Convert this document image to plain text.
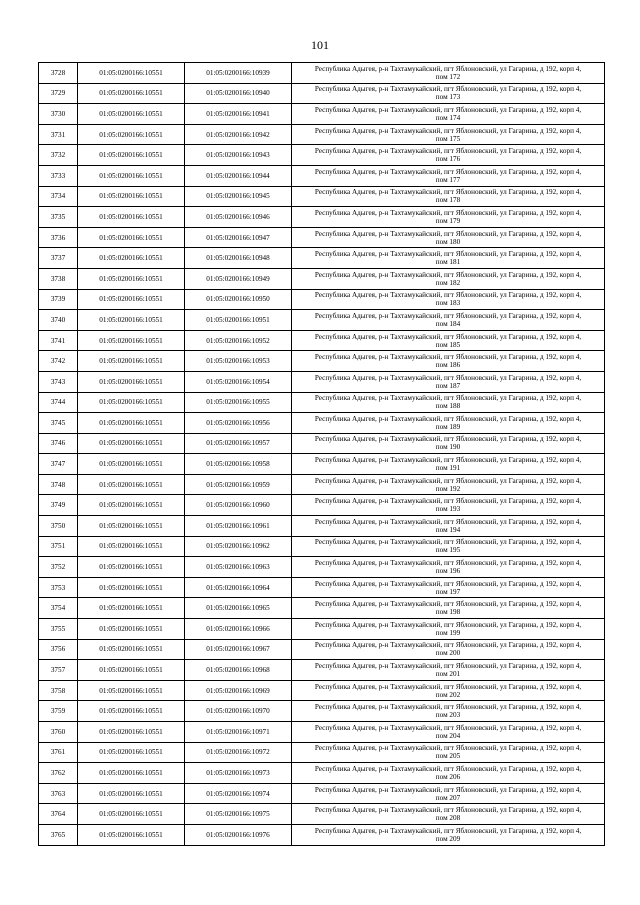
101
3728	01:05:0200166:10551	01:05:0200166:10939	Республика Адыгея, р-н Тахтамукайский, пгт Яблоновский, ул Гагарина, д 192, корп 4,
пом 172

3729	01:05:0200166:10551	01:05:0200166:10940	Республика Адыгея, р-н Тахтамукайский, пгт Яблоновский, ул Гагарина, д 192, корп 4,
пом 173

3730	01:05:0200166:10551	01:05:0200166:10941	Республика Адыгея, р-н Тахтамукайский, пгт Яблоновский, ул Гагарина, д 192, корп 4,
пом 174

3731	01:05:0200166:10551	01:05:0200166:10942	Республика Адыгея, р-н Тахтамукайский, пгт Яблоновский, ул Гагарина, д 192, корп 4,
пом 175

3732	01:05:0200166:10551	01:05:0200166:10943	Республика Адыгея, р-н Тахтамукайский, пгт Яблоновский, ул Гагарина, д 192, корп 4,
пом 176

3733	01:05:0200166:10551	01:05:0200166:10944	Республика Адыгея, р-н Тахтамукайский, пгт Яблоновский, ул Гагарина, д 192, корп 4,
пом 177

3734	01:05:0200166:10551	01:05:0200166:10945	Республика Адыгея, р-н Тахтамукайский, пгт Яблоновский, ул Гагарина, д 192, корп 4,
пом 178

3735	01:05:0200166:10551	01:05:0200166:10946	Республика Адыгея, р-н Тахтамукайский, пгт Яблоновский, ул Гагарина, д 192, корп 4,
пом 179

3736	01:05:0200166:10551	01:05:0200166:10947	Республика Адыгея, р-н Тахтамукайский, пгт Яблоновский, ул Гагарина, д 192, корп 4,
пом 180

3737	01:05:0200166:10551	01:05:0200166:10948	Республика Адыгея, р-н Тахтамукайский, пгт Яблоновский, ул Гагарина, д 192, корп 4,
пом 181

3738	01:05:0200166:10551	01:05:0200166:10949	Республика Адыгея, р-н Тахтамукайский, пгт Яблоновский, ул Гагарина, д 192, корп 4,
пом 182

3739	01:05:0200166:10551	01:05:0200166:10950	Республика Адыгея, р-н Тахтамукайский, пгт Яблоновский, ул Гагарина, д 192, корп 4,
пом 183

3740	01:05:0200166:10551	01:05:0200166:10951	Республика Адыгея, р-н Тахтамукайский, пгт Яблоновский, ул Гагарина, д 192, корп 4,
пом 184

3741	01:05:0200166:10551	01:05:0200166:10952	Республика Адыгея, р-н Тахтамукайский, пгт Яблоновский, ул Гагарина, д 192, корп 4,
пом 185

3742	01:05:0200166:10551	01:05:0200166:10953	Республика Адыгея, р-н Тахтамукайский, пгт Яблоновский, ул Гагарина, д 192, корп 4,
пом 186

3743	01:05:0200166:10551	01:05:0200166:10954	Республика Адыгея, р-н Тахтамукайский, пгт Яблоновский, ул Гагарина, д 192, корп 4,
пом 187

3744	01:05:0200166:10551	01:05:0200166:10955	Республика Адыгея, р-н Тахтамукайский, пгт Яблоновский, ул Гагарина, д 192, корп 4,
пом 188

3745	01:05:0200166:10551	01:05:0200166:10956	Республика Адыгея, р-н Тахтамукайский, пгт Яблоновский, ул Гагарина, д 192, корп 4,
пом 189

3746	01:05:0200166:10551	01:05:0200166:10957	Республика Адыгея, р-н Тахтамукайский, пгт Яблоновский, ул Гагарина, д 192, корп 4,
пом 190

3747	01:05:0200166:10551	01:05:0200166:10958	Республика Адыгея, р-н Тахтамукайский, пгт Яблоновский, ул Гагарина, д 192, корп 4,
пом 191

3748	01:05:0200166:10551	01:05:0200166:10959	Республика Адыгея, р-н Тахтамукайский, пгт Яблоновский, ул Гагарина, д 192, корп 4,
пом 192

3749	01:05:0200166:10551	01:05:0200166:10960	Республика Адыгея, р-н Тахтамукайский, пгт Яблоновский, ул Гагарина, д 192, корп 4,
пом 193

3750	01:05:0200166:10551	01:05:0200166:10961	Республика Адыгея, р-н Тахтамукайский, пгт Яблоновский, ул Гагарина, д 192, корп 4,
пом 194

3751	01:05:0200166:10551	01:05:0200166:10962	Республика Адыгея, р-н Тахтамукайский, пгт Яблоновский, ул Гагарина, д 192, корп 4,
пом 195

3752	01:05:0200166:10551	01:05:0200166:10963	Республика Адыгея, р-н Тахтамукайский, пгт Яблоновский, ул Гагарина, д 192, корп 4,
пом 196

3753	01:05:0200166:10551	01:05:0200166:10964	Республика Адыгея, р-н Тахтамукайский, пгт Яблоновский, ул Гагарина, д 192, корп 4,
пом 197

3754	01:05:0200166:10551	01:05:0200166:10965	Республика Адыгея, р-н Тахтамукайский, пгт Яблоновский, ул Гагарина, д 192, корп 4,
пом 198

3755	01:05:0200166:10551	01:05:0200166:10966	Республика Адыгея, р-н Тахтамукайский, пгт Яблоновский, ул Гагарина, д 192, корп 4,
пом 199

3756	01:05:0200166:10551	01:05:0200166:10967	Республика Адыгея, р-н Тахтамукайский, пгт Яблоновский, ул Гагарина, д 192, корп 4,
пом 200

3757	01:05:0200166:10551	01:05:0200166:10968	Республика Адыгея, р-н Тахтамукайский, пгт Яблоновский, ул Гагарина, д 192, корп 4,
пом 201

3758	01:05:0200166:10551	01:05:0200166:10969	Республика Адыгея, р-н Тахтамукайский, пгт Яблоновский, ул Гагарина, д 192, корп 4,
пом 202

3759	01:05:0200166:10551	01:05:0200166:10970	Республика Адыгея, р-н Тахтамукайский, пгт Яблоновский, ул Гагарина, д 192, корп 4,
пом 203

3760	01:05:0200166:10551	01:05:0200166:10971	Республика Адыгея, р-н Тахтамукайский, пгт Яблоновский, ул Гагарина, д 192, корп 4,
пом 204

3761	01:05:0200166:10551	01:05:0200166:10972	Республика Адыгея, р-н Тахтамукайский, пгт Яблоновский, ул Гагарина, д 192, корп 4,
пом 205

3762	01:05:0200166:10551	01:05:0200166:10973	Республика Адыгея, р-н Тахтамукайский, пгт Яблоновский, ул Гагарина, д 192, корп 4,
пом 206

3763	01:05:0200166:10551	01:05:0200166:10974	Республика Адыгея, р-н Тахтамукайский, пгт Яблоновский, ул Гагарина, д 192, корп 4,
пом 207

3764	01:05:0200166:10551	01:05:0200166:10975	Республика Адыгея, р-н Тахтамукайский, пгт Яблоновский, ул Гагарина, д 192, корп 4,
пом 208

3765	01:05:0200166:10551	01:05:0200166:10976	Республика Адыгея, р-н Тахтамукайский, пгт Яблоновский, ул Гагарина, д 192, корп 4,
пом 209
